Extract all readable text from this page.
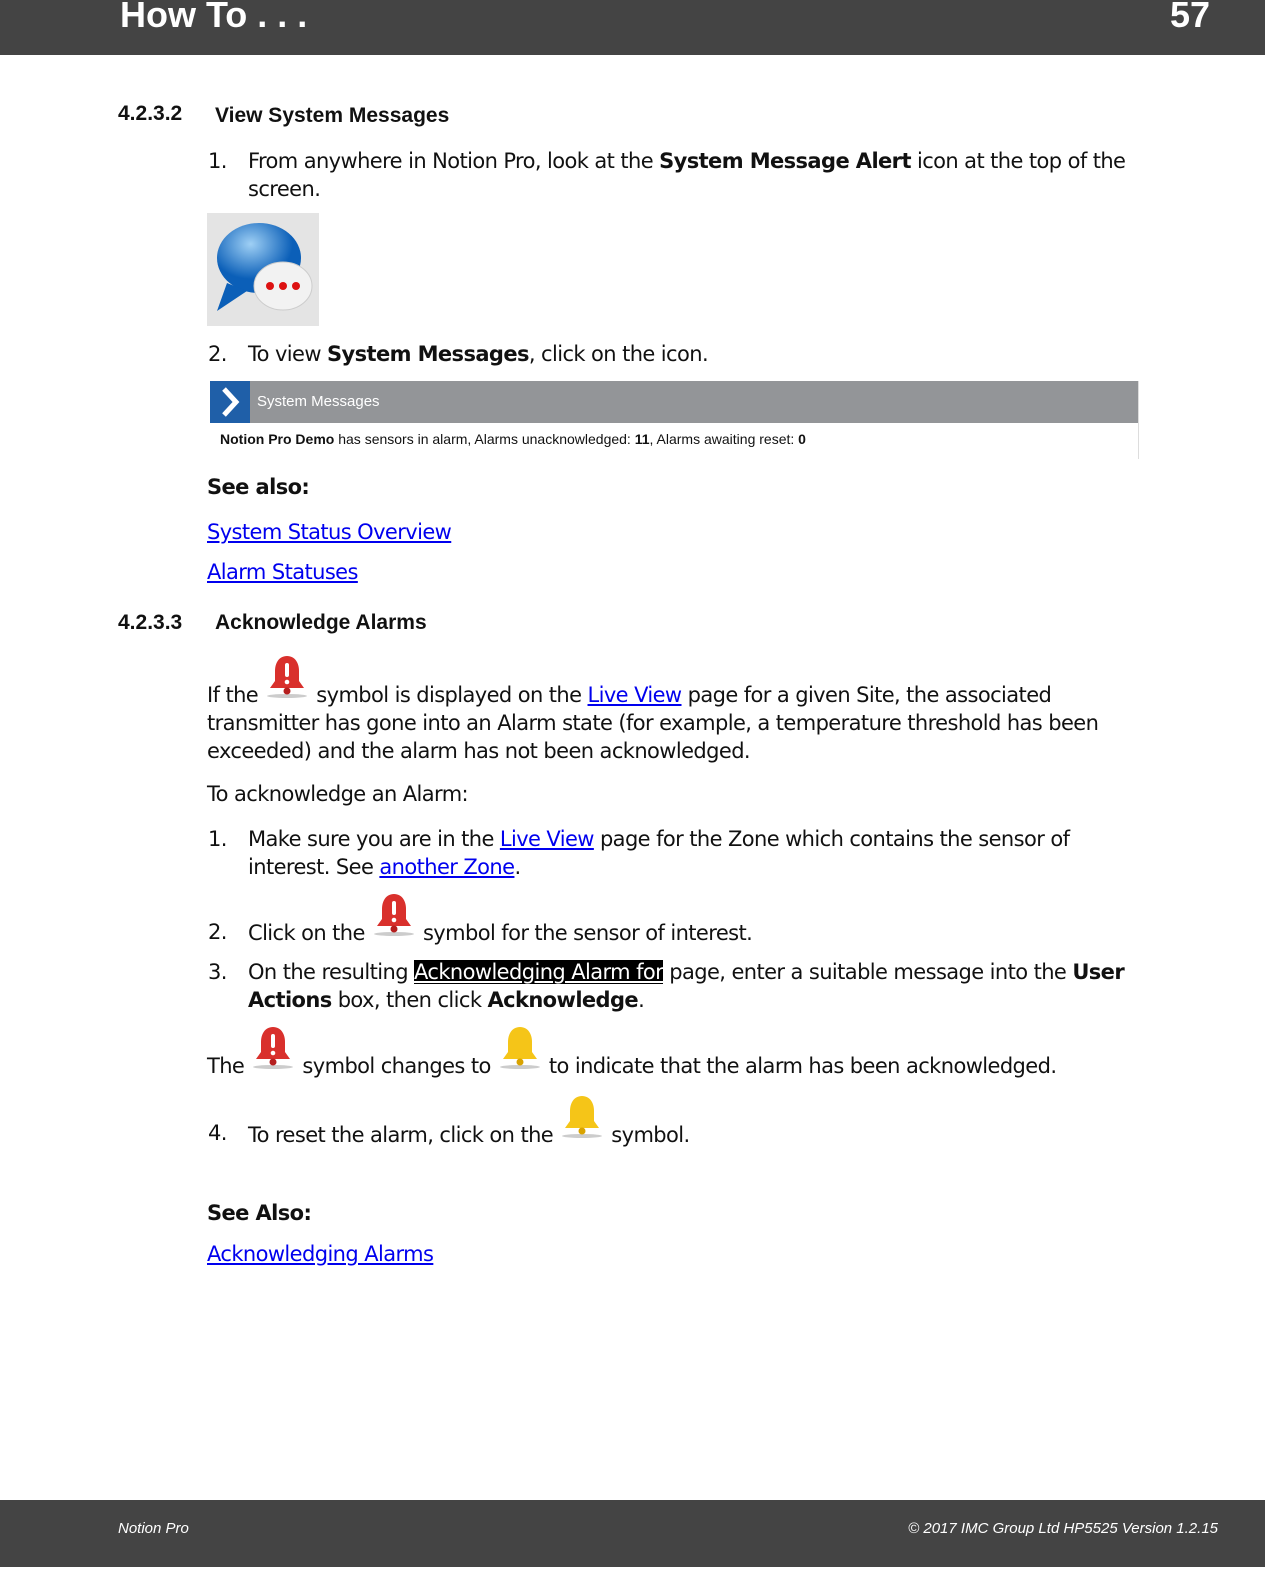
How To . . .	57
4.2.3.2 View System Messages
1. From anywhere in Notion Pro, look at the System Message Alert icon at the top of the screen.
2. To view System Messages, click on the icon.
System Messages
Notion Pro Demo has sensors in alarm, Alarms unacknowledged: 11, Alarms awaiting reset: 0
See also:
System Status Overview
Alarm Statuses
4.2.3.3 Acknowledge Alarms
If the  symbol is displayed on the Live View page for a given Site, the associated transmitter has gone into an Alarm state (for example, a temperature threshold has been exceeded) and the alarm has not been acknowledged.
To acknowledge an Alarm:
1. Make sure you are in the Live View page for the Zone which contains the sensor of interest. See another Zone.
2. Click on the  symbol for the sensor of interest.
3. On the resulting Acknowledging Alarm for page, enter a suitable message into the User Actions box, then click Acknowledge.
The  symbol changes to  to indicate that the alarm has been acknowledged.
4. To reset the alarm, click on the  symbol.
See Also:
Acknowledging Alarms
Notion Pro	© 2017 IMC Group Ltd HP5525 Version 1.2.15
